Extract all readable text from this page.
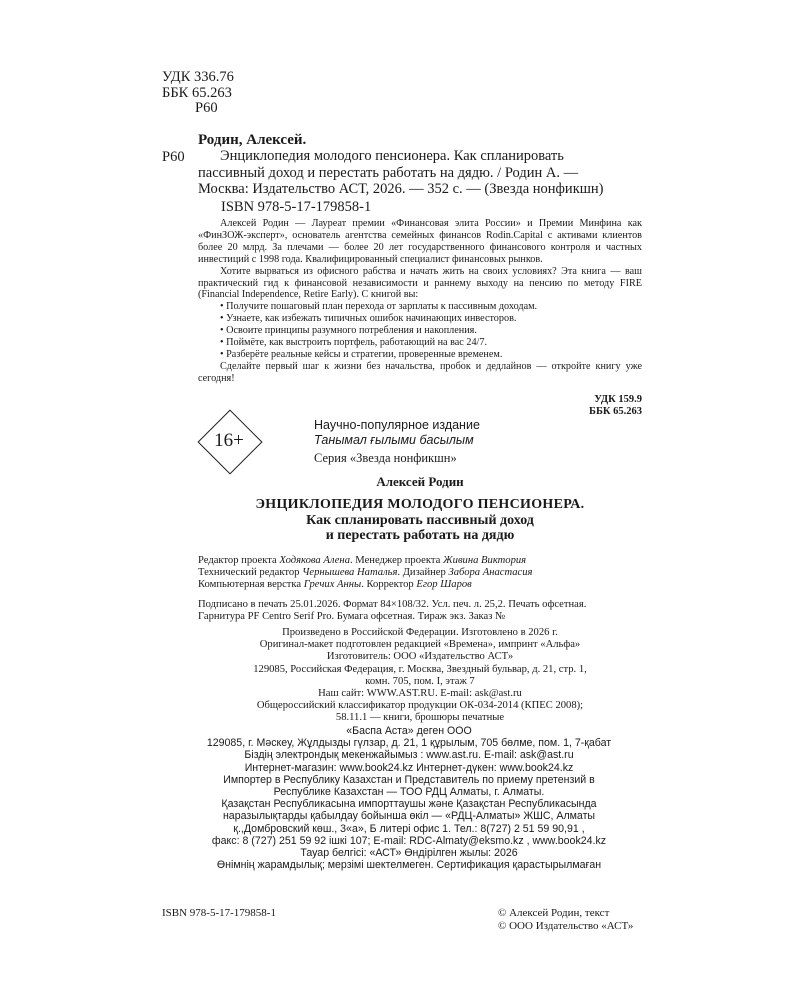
УДК 336.76
ББК 65.263
Р60
Родин, Алексей.
Р60	Энциклопедия молодого пенсионера. Как спланировать
пассивный доход и перестать работать на дядю. / Родин А. —
Москва: Издательство АСТ, 2026. — 352 с. — (Звезда нонфикшн)
ISBN 978-5-17-179858-1

Алексей Родин — Лауреат премии «Финансовая элита России» и Премии Минфина как «ФинЗОЖ-эксперт», основатель агентства семейных финансов Rodin.Capital с активами клиентов более 20 млрд. За плечами — более 20 лет государственного финансового контроля и частных инвестиций с 1998 года. Квалифицированный специалист финансовых рынков.

Хотите вырваться из офисного рабства и начать жить на своих условиях? Эта книга — ваш практический гид к финансовой независимости и раннему выходу на пенсию по методу FIRE (Financial Independence, Retire Early). С книгой вы:

• Получите пошаговый план перехода от зарплаты к пассивным доходам.
• Узнаете, как избежать типичных ошибок начинающих инвесторов.
• Освоите принципы разумного потребления и накопления.
• Поймёте, как выстроить портфель, работающий на вас 24/7.
• Разберёте реальные кейсы и стратегии, проверенные временем.

Сделайте первый шаг к жизни без начальства, пробок и дедлайнов — откройте книгу уже сегодня!

УДК 159.9
ББК 65.263
16+
Научно-популярное издание
Танымал ғылыми басылым
Серия «Звезда нонфикшн»
Алексей Родин
ЭНЦИКЛОПЕДИЯ МОЛОДОГО ПЕНСИОНЕРА.
Как спланировать пассивный доход
и перестать работать на дядю
Редактор проекта Ходякова Алена. Менеджер проекта Живина Виктория
Технический редактор Чернышева Наталья. Дизайнер Забора Анастасия
Компьютерная верстка Гречих Анны. Корректор Егор Шаров
Подписано в печать 25.01.2026. Формат 84×108/32. Усл. печ. л. 25,2. Печать офсетная.
Гарнитура PF Centro Serif Pro. Бумага офсетная. Тираж экз. Заказ №
Произведено в Российской Федерации. Изготовлено в 2026 г.
Оригинал-макет подготовлен редакцией «Времена», импринт «Альфа»
Изготовитель: ООО «Издательство АСТ»
129085, Российская Федерация, г. Москва, Звездный бульвар, д. 21, стр. 1,
комн. 705, пом. I, этаж 7
Наш сайт: WWW.AST.RU. E-mail: ask@ast.ru
Общероссийский классификатор продукции ОК-034-2014 (КПЕС 2008);
58.11.1 — книги, брошюры печатные
«Баспа Аста» деген ООО
129085, г. Мәскеу, Жұлдызды гүлзар, д. 21, 1 құрылым, 705 бөлме, пом. 1, 7-қабат
Біздің электрондық мекенжайымыз : www.ast.ru. E-mail: ask@ast.ru
Интернет-магазин: www.book24.kz Интернет-дүкен: www.book24.kz
Импортер в Республику Казахстан и Представитель по приему претензий в
Республике Казахстан — ТОО РДЦ Алматы, г. Алматы.
Қазақстан Республикасына импорттаушы және Қазақстан Республикасында
наразылықтарды қабылдау бойынша өкіл — «РДЦ-Алматы» ЖШС, Алматы
қ.,Домбровский көш., 3«а», Б литері офис 1. Тел.: 8(727) 2 51 59 90,91 ,
факс: 8 (727) 251 59 92 ішкі 107; E-mail: RDC-Almaty@eksmo.kz , www.book24.kz
Тауар белгісі: «АСТ» Өндірілген жылы: 2026
Өнімнің жарамдылық; мерзімі шектелмеген. Сертификация қарастырылмаған
ISBN 978-5-17-179858-1	© Алексей Родин, текст
© ООО Издательство «АСТ»
